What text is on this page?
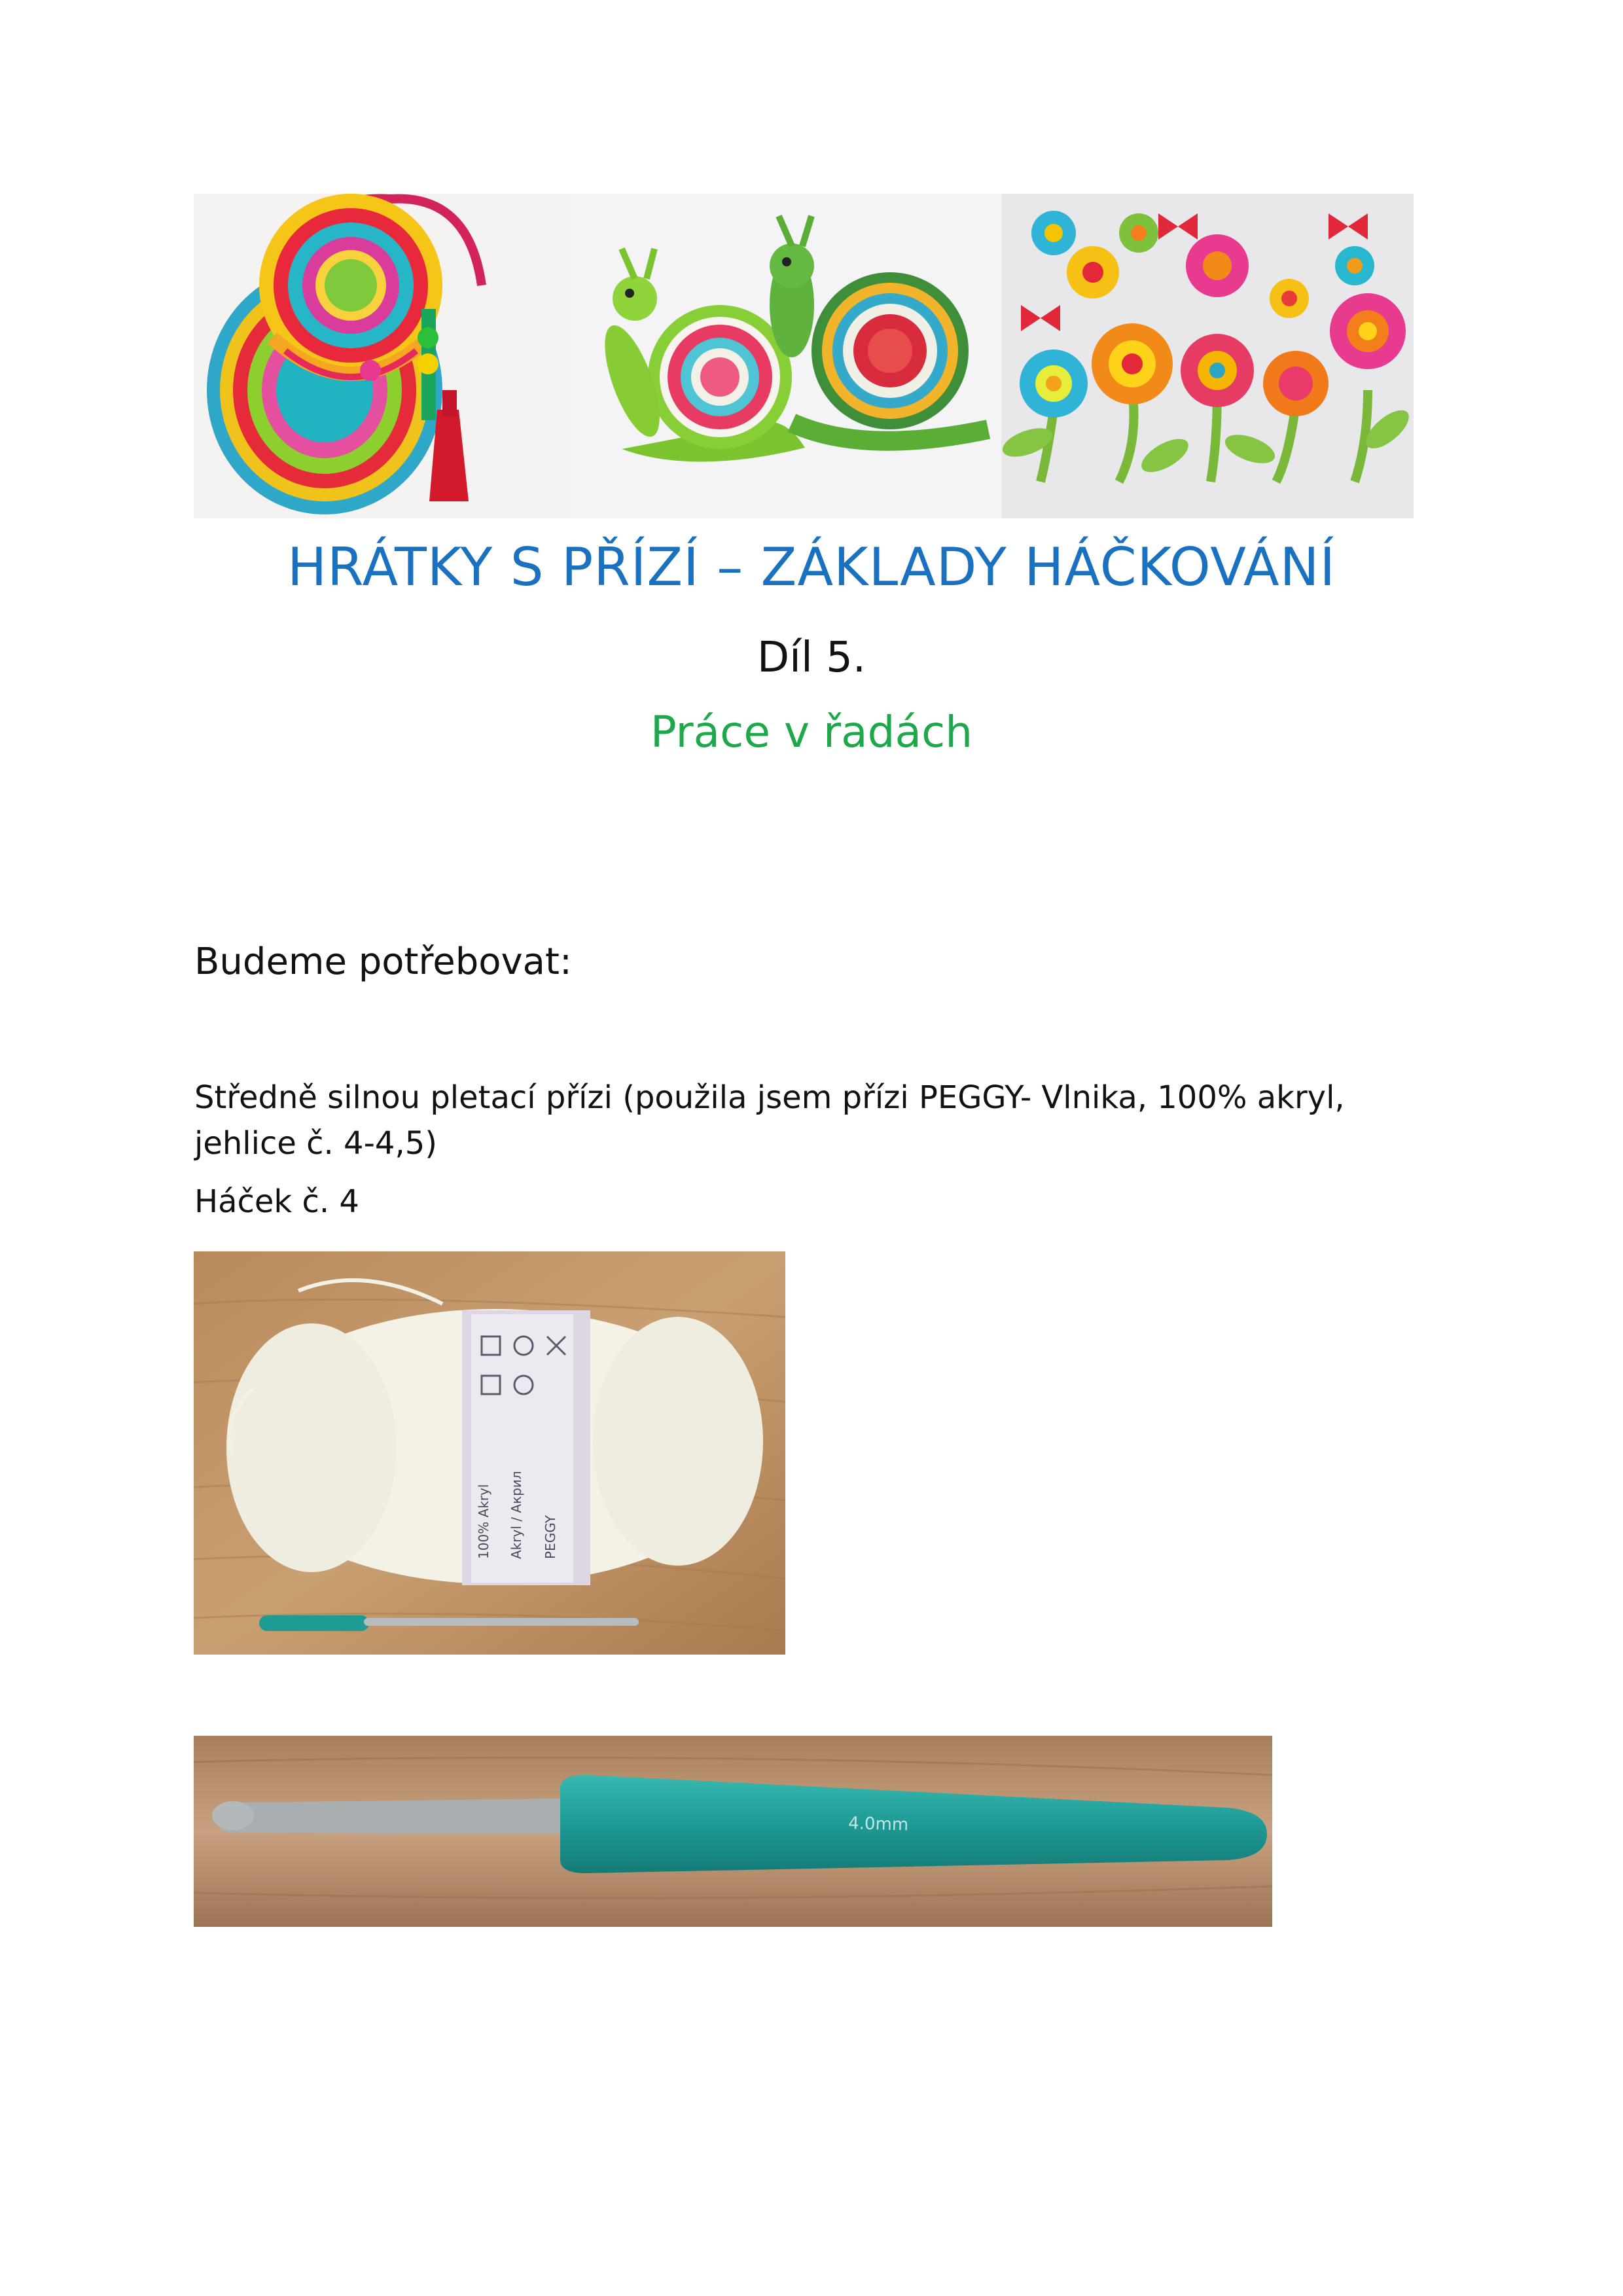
HRÁTKY S PŘÍZÍ – ZÁKLADY HÁČKOVÁNÍ
Díl 5.
Práce v řadách
Budeme potřebovat:
Středně silnou pletací přízi (použila jsem přízi PEGGY- Vlnika, 100% akryl, jehlice č. 4-4,5)
Háček č. 4
100% Akryl Akryl / Акрил PEGGY
4.0mm
